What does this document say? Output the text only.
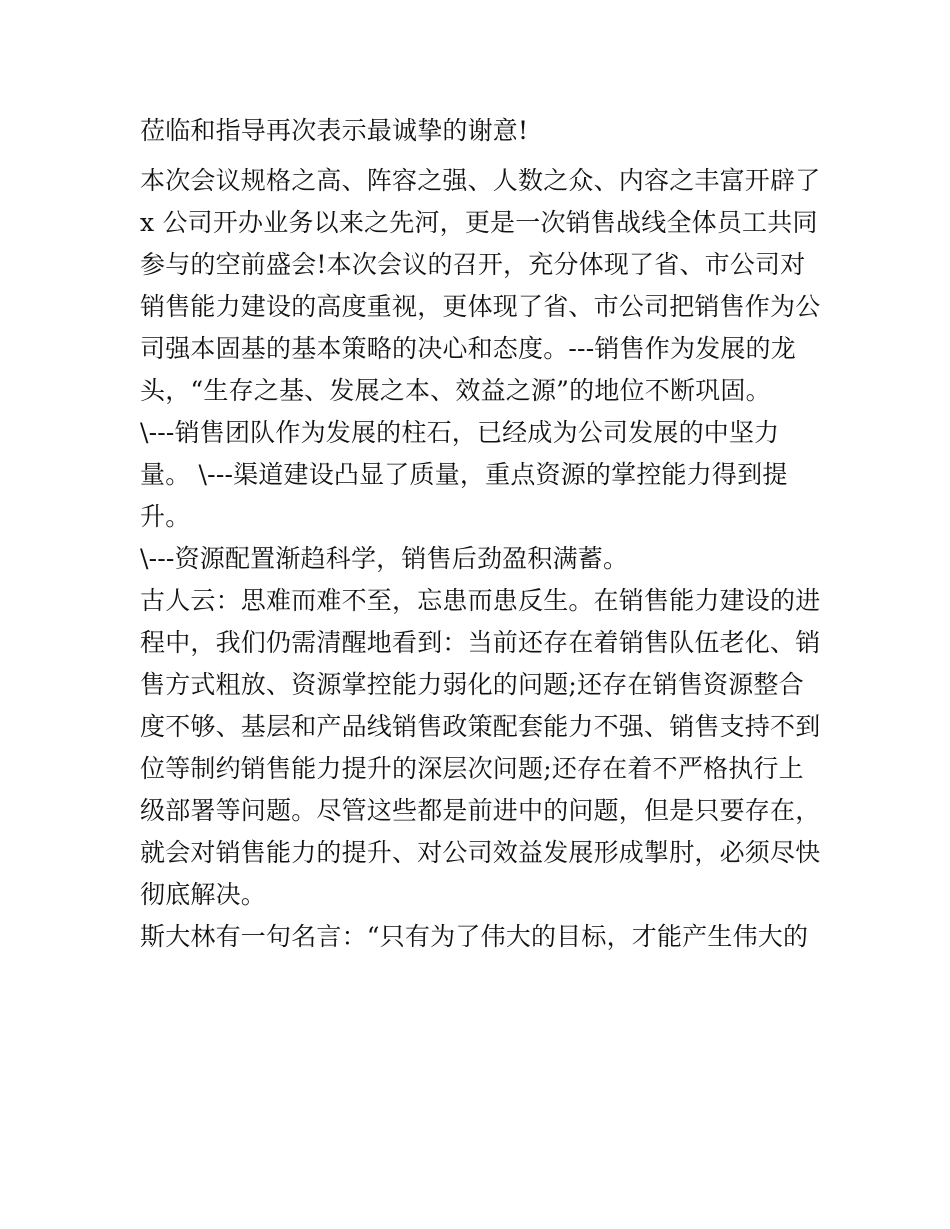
莅临和指导再次表示最诚挚的谢意!
本次会议规格之高、阵容之强、人数之众、内容之丰富开辟了
x 公司开办业务以来之先河，更是一次销售战线全体员工共同
参与的空前盛会!本次会议的召开，充分体现了省、市公司对
销售能力建设的高度重视，更体现了省、市公司把销售作为公
司强本固基的基本策略的决心和态度。---销售作为发展的龙
头，“生存之基、发展之本、效益之源”的地位不断巩固。
\---销售团队作为发展的柱石，已经成为公司发展的中坚力
量。 \---渠道建设凸显了质量，重点资源的掌控能力得到提
升。
\---资源配置渐趋科学，销售后劲盈积满蓄。
古人云：思难而难不至，忘患而患反生。在销售能力建设的进
程中，我们仍需清醒地看到：当前还存在着销售队伍老化、销
售方式粗放、资源掌控能力弱化的问题;还存在销售资源整合
度不够、基层和产品线销售政策配套能力不强、销售支持不到
位等制约销售能力提升的深层次问题;还存在着不严格执行上
级部署等问题。尽管这些都是前进中的问题，但是只要存在，
就会对销售能力的提升、对公司效益发展形成掣肘，必须尽快
彻底解决。
斯大林有一句名言：“只有为了伟大的目标，才能产生伟大的
